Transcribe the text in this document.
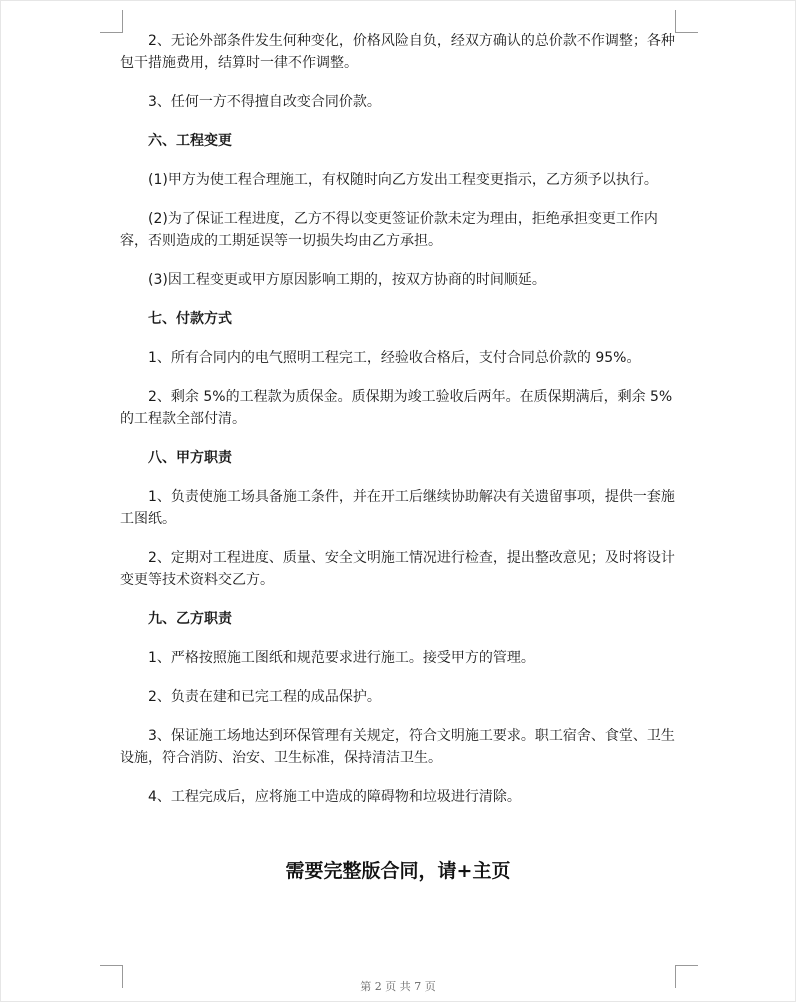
2、无论外部条件发生何种变化，价格风险自负，经双方确认的总价款不作调整；各种包干措施费用，结算时一律不作调整。

3、任何一方不得擅自改变合同价款。

六、工程变更

(1)甲方为使工程合理施工，有权随时向乙方发出工程变更指示，乙方须予以执行。

(2)为了保证工程进度，乙方不得以变更签证价款未定为理由，拒绝承担变更工作内容，否则造成的工期延误等一切损失均由乙方承担。

(3)因工程变更或甲方原因影响工期的，按双方协商的时间顺延。

七、付款方式

1、所有合同内的电气照明工程完工，经验收合格后，支付合同总价款的 95%。

2、剩余 5%的工程款为质保金。质保期为竣工验收后两年。在质保期满后，剩余 5%的工程款全部付清。

八、甲方职责

1、负责使施工场具备施工条件，并在开工后继续协助解决有关遗留事项，提供一套施工图纸。

2、定期对工程进度、质量、安全文明施工情况进行检查，提出整改意见；及时将设计变更等技术资料交乙方。

九、乙方职责

1、严格按照施工图纸和规范要求进行施工。接受甲方的管理。

2、负责在建和已完工程的成品保护。

3、保证施工场地达到环保管理有关规定，符合文明施工要求。职工宿舍、食堂、卫生设施，符合消防、治安、卫生标准，保持清洁卫生。

4、工程完成后，应将施工中造成的障碍物和垃圾进行清除。

需要完整版合同，请+主页
第 2 页 共 7 页
